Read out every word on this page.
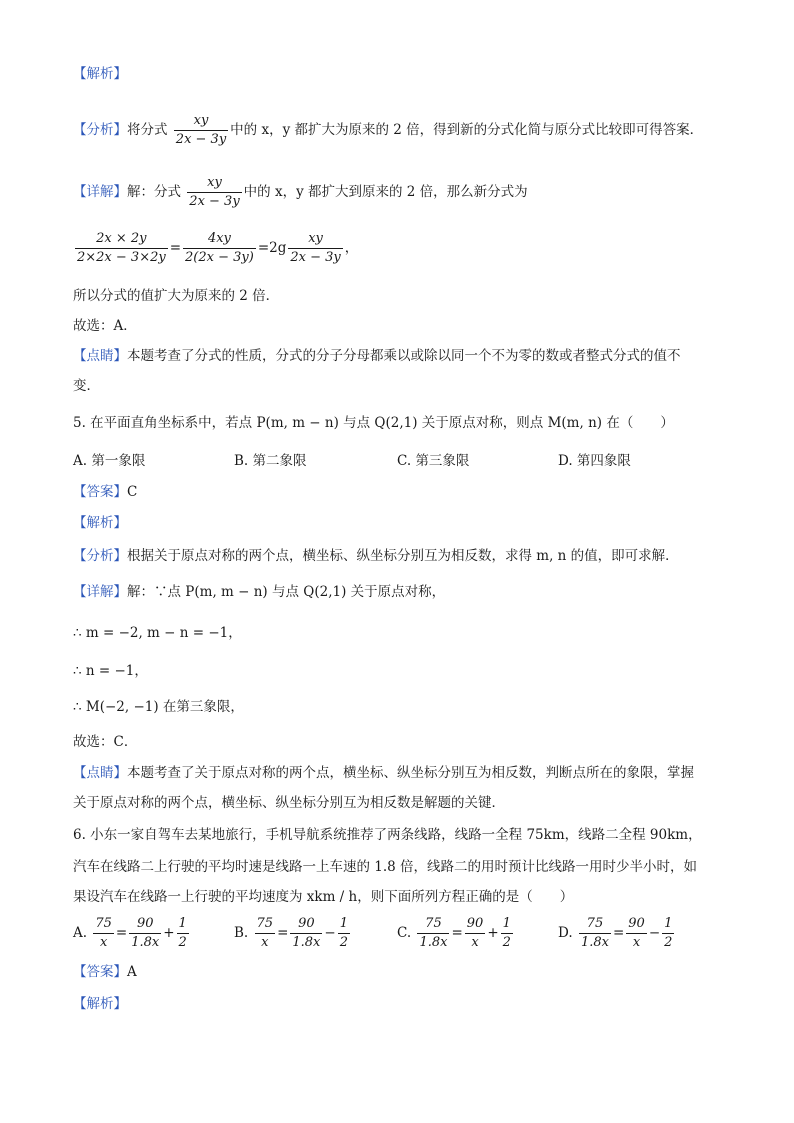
【解析】
【分析】将分式 $\frac{xy}{2x - 3y}$ 中的 x，y 都扩大为原来的 2 倍，得到新的分式化简与原分式比较即可得答案．
【详解】解：分式 $\frac{xy}{2x - 3y}$ 中的 x，y 都扩大到原来的 2 倍，那么新分式为
$\frac{2x \times 2y}{2\times 2x - 3\times 2y} = \frac{4xy}{2(2x - 3y)} =2g \frac{xy}{2x - 3y}$ ，
所以分式的值扩大为原来的 2 倍．
故选：A．
【点睛】本题考查了分式的性质，分式的分子分母都乘以或除以同一个不为零的数或者整式分式的值不
变．
5. 在平面直角坐标系中，若点 P(m, m − n) 与点 Q(2,1) 关于原点对称，则点 M(m, n) 在（　　）
A. 第一象限	B. 第二象限	C. 第三象限	D. 第四象限
【答案】C
【解析】
【分析】根据关于原点对称的两个点，横坐标、纵坐标分别互为相反数，求得 m, n 的值，即可求解．
【详解】解：∵点 P(m, m − n) 与点 Q(2,1) 关于原点对称，
∴ m = −2, m − n = −1，
∴ n = −1，
∴ M(−2, −1) 在第三象限，
故选：C．
【点睛】本题考查了关于原点对称的两个点，横坐标、纵坐标分别互为相反数，判断点所在的象限，掌握
关于原点对称的两个点，横坐标、纵坐标分别互为相反数是解题的关键．
6. 小东一家自驾车去某地旅行，手机导航系统推荐了两条线路，线路一全程 75km，线路二全程 90km，
汽车在线路二上行驶的平均时速是线路一上车速的 1.8 倍，线路二的用时预计比线路一用时少半小时，如
果设汽车在线路一上行驶的平均速度为 xkm / h，则下面所列方程正确的是（　　）
A. $\frac{75}{x} = \frac{90}{1.8x} + \frac{1}{2}$	B. $\frac{75}{x} = \frac{90}{1.8x} - \frac{1}{2}$	C. $\frac{75}{1.8x} = \frac{90}{x} + \frac{1}{2}$	D. $\frac{75}{1.8x} = \frac{90}{x} - \frac{1}{2}$
【答案】A
【解析】
